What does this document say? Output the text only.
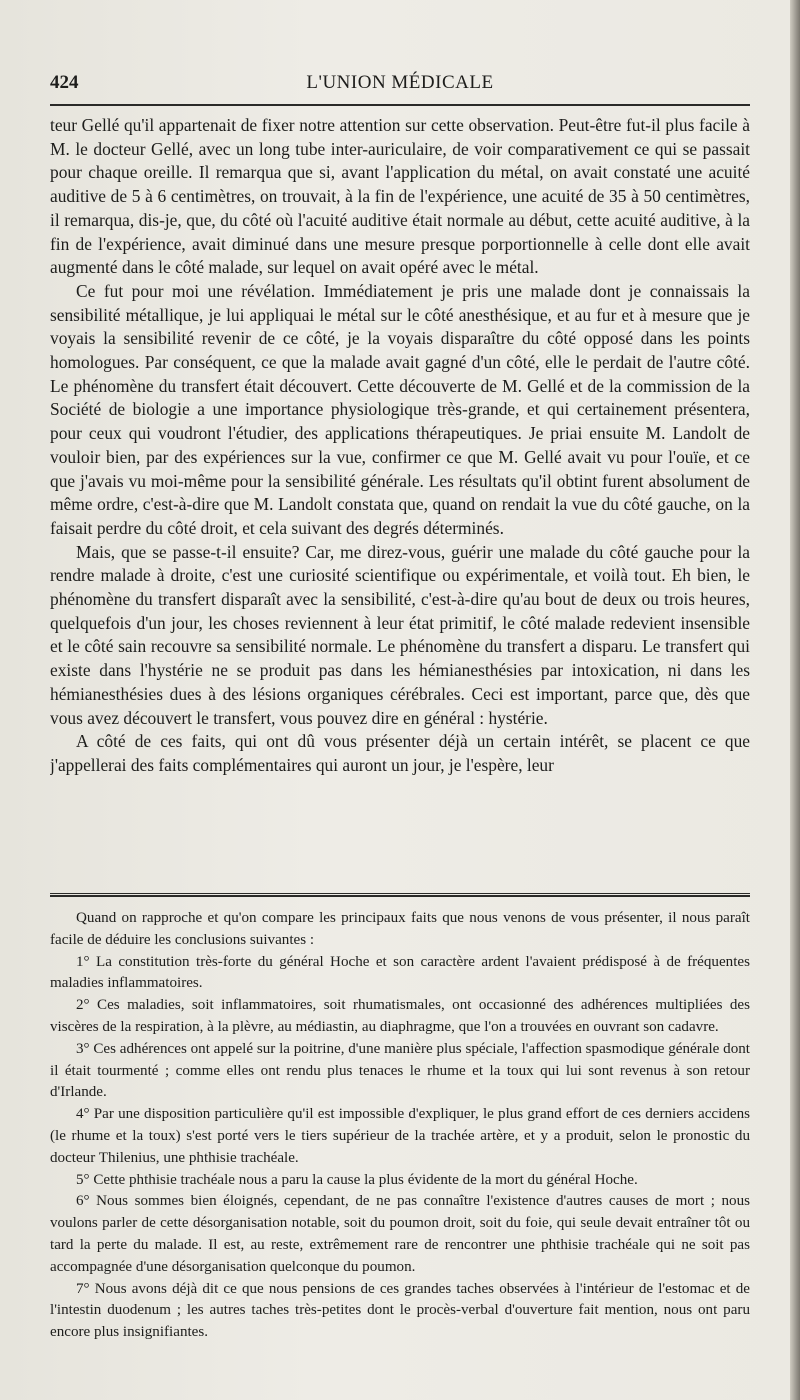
L'UNION MÉDICALE
424

teur Gellé qu'il appartenait de fixer notre attention sur cette observation. Peut-être fut-il plus facile à M. le docteur Gellé, avec un long tube inter-auriculaire, de voir comparativement ce qui se passait pour chaque oreille. Il remarqua que si, avant l'application du métal, on avait constaté une acuité auditive de 5 à 6 centimètres, on trouvait, à la fin de l'expérience, une acuité de 35 à 50 centimètres, il remarqua, dis-je, que, du côté où l'acuité auditive était normale au début, cette acuité auditive, à la fin de l'expérience, avait diminué dans une mesure presque porportionnelle à celle dont elle avait augmenté dans le côté malade, sur lequel on avait opéré avec le métal.

Ce fut pour moi une révélation. Immédiatement je pris une malade dont je connaissais la sensibilité métallique, je lui appliquai le métal sur le côté anesthésique, et au fur et à mesure que je voyais la sensibilité revenir de ce côté, je la voyais disparaître du côté opposé dans les points homologues. Par conséquent, ce que la malade avait gagné d'un côté, elle le perdait de l'autre côté. Le phénomène du transfert était découvert. Cette découverte de M. Gellé et de la commission de la Société de biologie a une importance physiologique très-grande, et qui certainement présentera, pour ceux qui voudront l'étudier, des applications thérapeutiques. Je priai ensuite M. Landolt de vouloir bien, par des expériences sur la vue, confirmer ce que M. Gellé avait vu pour l'ouïe, et ce que j'avais vu moi-même pour la sensibilité générale. Les résultats qu'il obtint furent absolument de même ordre, c'est-à-dire que M. Landolt constata que, quand on rendait la vue du côté gauche, on la faisait perdre du côté droit, et cela suivant des degrés déterminés.

Mais, que se passe-t-il ensuite? Car, me direz-vous, guérir une malade du côté gauche pour la rendre malade à droite, c'est une curiosité scientifique ou expérimentale, et voilà tout. Eh bien, le phénomène du transfert disparaît avec la sensibilité, c'est-à-dire qu'au bout de deux ou trois heures, quelquefois d'un jour, les choses reviennent à leur état primitif, le côté malade redevient insensible et le côté sain recouvre sa sensibilité normale. Le phénomène du transfert a disparu. Le transfert qui existe dans l'hystérie ne se produit pas dans les hémianesthésies par intoxication, ni dans les hémianesthésies dues à des lésions organiques cérébrales. Ceci est important, parce que, dès que vous avez découvert le transfert, vous pouvez dire en général : hystérie.

A côté de ces faits, qui ont dû vous présenter déjà un certain intérêt, se placent ce que j'appellerai des faits complémentaires qui auront un jour, je l'espère, leur

Quand on rapproche et qu'on compare les principaux faits que nous venons de vous présenter, il nous paraît facile de déduire les conclusions suivantes :

1° La constitution très-forte du général Hoche et son caractère ardent l'avaient prédisposé à de fréquentes maladies inflammatoires.

2° Ces maladies, soit inflammatoires, soit rhumatismales, ont occasionné des adhérences multipliées des viscères de la respiration, à la plèvre, au médiastin, au diaphragme, que l'on a trouvées en ouvrant son cadavre.

3° Ces adhérences ont appelé sur la poitrine, d'une manière plus spéciale, l'affection spasmodique générale dont il était tourmenté ; comme elles ont rendu plus tenaces le rhume et la toux qui lui sont revenus à son retour d'Irlande.

4° Par une disposition particulière qu'il est impossible d'expliquer, le plus grand effort de ces derniers accidens (le rhume et la toux) s'est porté vers le tiers supérieur de la trachée artère, et y a produit, selon le pronostic du docteur Thilenius, une phthisie trachéale.

5° Cette phthisie trachéale nous a paru la cause la plus évidente de la mort du général Hoche.

6° Nous sommes bien éloignés, cependant, de ne pas connaître l'existence d'autres causes de mort ; nous voulons parler de cette désorganisation notable, soit du poumon droit, soit du foie, qui seule devait entraîner tôt ou tard la perte du malade. Il est, au reste, extrêmement rare de rencontrer une phthisie trachéale qui ne soit pas accompagnée d'une désorganisation quelconque du poumon.

7° Nous avons déjà dit ce que nous pensions de ces grandes taches observées à l'intérieur de l'estomac et de l'intestin duodenum ; les autres taches très-petites dont le procès-verbal d'ouverture fait mention, nous ont paru encore plus insignifiantes.
